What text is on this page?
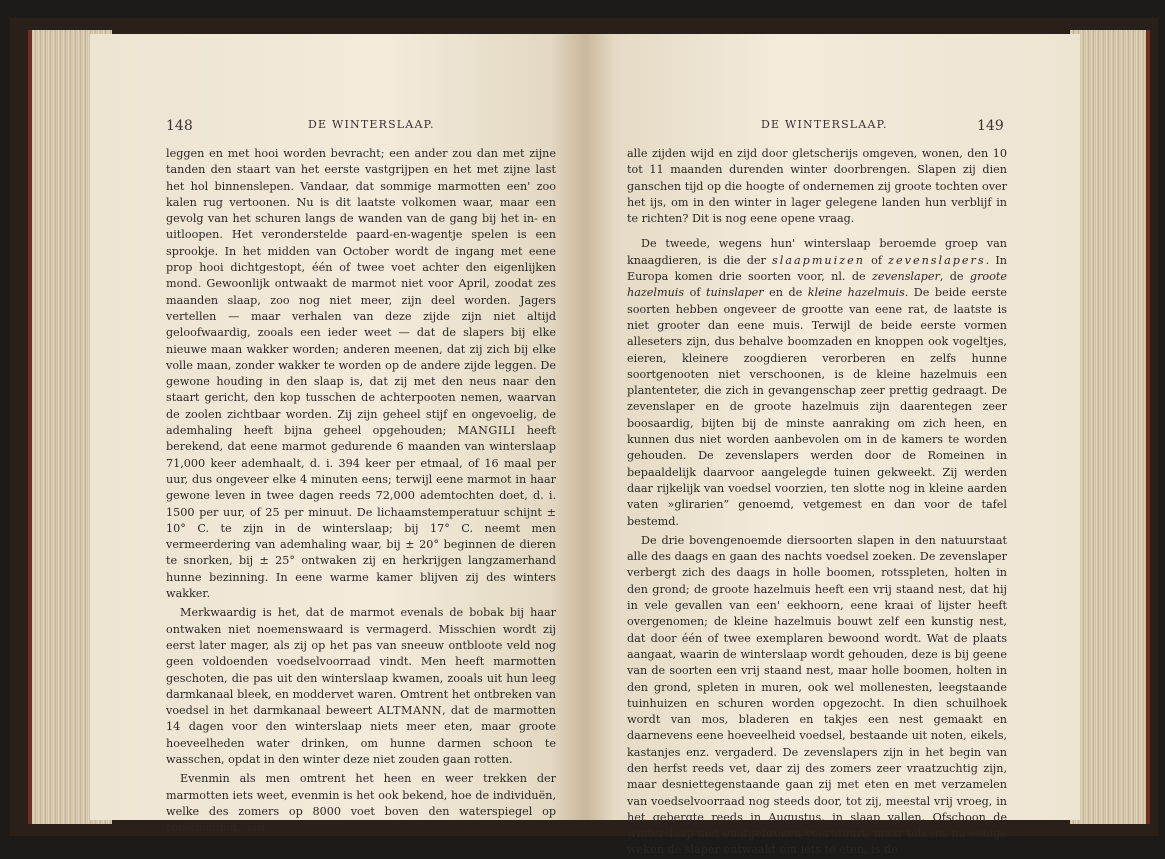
148	DE WINTERSLAAP.

leggen en met hooi worden bevracht; een ander zou dan met zijne tanden den staart van het eerste vastgrijpen en het met zijne last het hol binnenslepen. Vandaar, dat sommige marmotten een' zoo kalen rug vertoonen. Nu is dit laatste volkomen waar, maar een gevolg van het schuren langs de wanden van de gang bij het in- en uitloopen. Het veronderstelde paard-en-wagentje spelen is een sprookje. In het midden van October wordt de ingang met eene prop hooi dichtgestopt, één of twee voet achter den eigenlijken mond. Gewoonlijk ontwaakt de marmot niet voor April, zoodat zes maanden slaap, zoo nog niet meer, zijn deel worden. Jagers vertellen — maar verhalen van deze zijde zijn niet altijd geloofwaardig, zooals een ieder weet — dat de slapers bij elke nieuwe maan wakker worden; anderen meenen, dat zij zich bij elke volle maan, zonder wakker te worden op de andere zijde leggen. De gewone houding in den slaap is, dat zij met den neus naar den staart gericht, den kop tusschen de achterpooten nemen, waarvan de zoolen zichtbaar worden. Zij zijn geheel stijf en ongevoelig, de ademhaling heeft bijna geheel opgehouden; MANGILI heeft berekend, dat eene marmot gedurende 6 maanden van winterslaap 71,000 keer ademhaalt, d. i. 394 keer per etmaal, of 16 maal per uur, dus ongeveer elke 4 minuten eens; terwijl eene marmot in haar gewone leven in twee dagen reeds 72,000 ademtochten doet, d. i. 1500 per uur, of 25 per minuut. De lichaamstemperatuur schijnt ± 10° C. te zijn in de winterslaap; bij 17° C. neemt men vermeerdering van ademhaling waar, bij ± 20° beginnen de dieren te snorken, bij ± 25° ontwaken zij en herkrijgen langzamerhand hunne bezinning. In eene warme kamer blijven zij des winters wakker.

Merkwaardig is het, dat de marmot evenals de bobak bij haar ontwaken niet noemenswaard is vermagerd. Misschien wordt zij eerst later mager, als zij op het pas van sneeuw ontbloote veld nog geen voldoenden voedselvoorraad vindt. Men heeft marmotten geschoten, die pas uit den winterslaap kwamen, zooals uit hun leeg darmkanaal bleek, en moddervet waren. Omtrent het ontbreken van voedsel in het darmkanaal beweert ALTMANN, dat de marmotten 14 dagen voor den winterslaap niets meer eten, maar groote hoeveelheden water drinken, om hunne darmen schoon te wasschen, opdat in den winter deze niet zouden gaan rotten.

Evenmin als men omtrent het heen en weer trekken der marmotten iets weet, evenmin is het ook bekend, hoe de individuën, welke des zomers op 8000 voet boven den waterspiegel op rotseilanden, aan

DE WINTERSLAAP.	149

alle zijden wijd en zijd door gletscherijs omgeven, wonen, den 10 tot 11 maanden durenden winter doorbrengen. Slapen zij dien ganschen tijd op die hoogte of ondernemen zij groote tochten over het ijs, om in den winter in lager gelegene landen hun verblijf in te richten? Dit is nog eene opene vraag.

De tweede, wegens hun' winterslaap beroemde groep van knaagdieren, is die der slaapmuizen of zevenslapers. In Europa komen drie soorten voor, nl. de zevenslaper, de groote hazelmuis of tuinslaper en de kleine hazelmuis. De beide eerste soorten hebben ongeveer de grootte van eene rat, de laatste is niet grooter dan eene muis. Terwijl de beide eerste vormen alleseters zijn, dus behalve boomzaden en knoppen ook vogeltjes, eieren, kleinere zoogdieren verorberen en zelfs hunne soortgenooten niet verschoonen, is de kleine hazelmuis een plantenteter, die zich in gevangenschap zeer prettig gedraagt. De zevenslaper en de groote hazelmuis zijn daarentegen zeer boosaardig, bijten bij de minste aanraking om zich heen, en kunnen dus niet worden aanbevolen om in de kamers te worden gehouden. De zevenslapers werden door de Romeinen in bepaaldelijk daarvoor aangelegde tuinen gekweekt. Zij werden daar rijkelijk van voedsel voorzien, ten slotte nog in kleine aarden vaten »glirarien” genoemd, vetgemest en dan voor de tafel bestemd.

De drie bovengenoemde diersoorten slapen in den natuurstaat alle des daags en gaan des nachts voedsel zoeken. De zevenslaper verbergt zich des daags in holle boomen, rotsspleten, holten in den grond; de groote hazelmuis heeft een vrij staand nest, dat hij in vele gevallen van een' eekhoorn, eene kraai of lijster heeft overgenomen; de kleine hazelmuis bouwt zelf een kunstig nest, dat door één of twee exemplaren bewoond wordt. Wat de plaats aangaat, waarin de winterslaap wordt gehouden, deze is bij geene van de soorten een vrij staand nest, maar holle boomen, holten in den grond, spleten in muren, ook wel mollenesten, leegstaande tuinhuizen en schuren worden opgezocht. In dien schuilhoek wordt van mos, bladeren en takjes een nest gemaakt en daarnevens eene hoeveelheid voedsel, bestaande uit noten, eikels, kastanjes enz. vergaderd. De zevenslapers zijn in het begin van den herfst reeds vet, daar zij des zomers zeer vraatzuchtig zijn, maar desniettegenstaande gaan zij met eten en met verzamelen van voedselvoorraad nog steeds door, tot zij, meestal vrij vroeg, in het gebergte reeds in Augustus, in slaap vallen. Ofschoon de winterslaap niet onafgebroken voortduurt, maar telkens na eenige weken de slaper ontwaakt om iets te eten, is de
